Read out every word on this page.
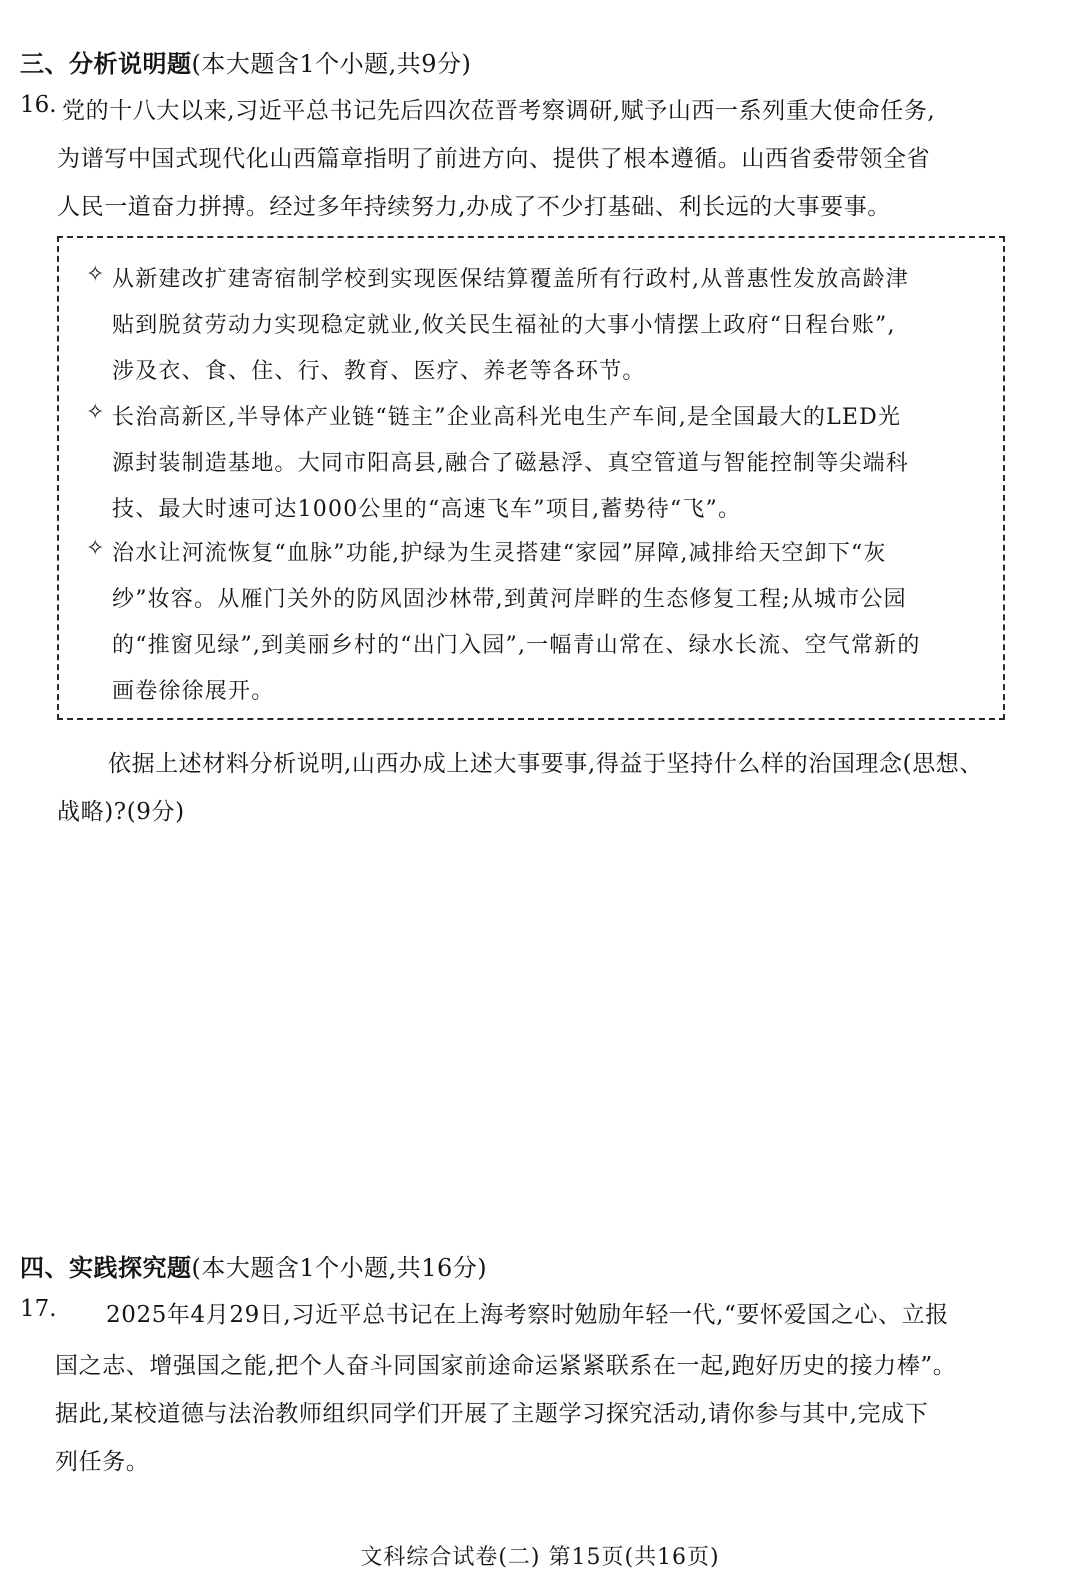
三、分析说明题(本大题含1个小题,共9分)
16. 党的十八大以来,习近平总书记先后四次莅晋考察调研,赋予山西一系列重大使命任务,
为谱写中国式现代化山西篇章指明了前进方向、提供了根本遵循。山西省委带领全省
人民一道奋力拼搏。经过多年持续努力,办成了不少打基础、利长远的大事要事。
✧ 从新建改扩建寄宿制学校到实现医保结算覆盖所有行政村,从普惠性发放高龄津
贴到脱贫劳动力实现稳定就业,攸关民生福祉的大事小情摆上政府“日程台账”,
涉及衣、食、住、行、教育、医疗、养老等各环节。
✧ 长治高新区,半导体产业链“链主”企业高科光电生产车间,是全国最大的LED光
源封装制造基地。大同市阳高县,融合了磁悬浮、真空管道与智能控制等尖端科
技、最大时速可达1000公里的“高速飞车”项目,蓄势待“飞”。
✧ 治水让河流恢复“血脉”功能,护绿为生灵搭建“家园”屏障,减排给天空卸下“灰
纱”妆容。从雁门关外的防风固沙林带,到黄河岸畔的生态修复工程;从城市公园
的“推窗见绿”,到美丽乡村的“出门入园”,一幅青山常在、绿水长流、空气常新的
画卷徐徐展开。
依据上述材料分析说明,山西办成上述大事要事,得益于坚持什么样的治国理念(思想、
战略)?(9分)
四、实践探究题(本大题含1个小题,共16分)
17. 2025年4月29日,习近平总书记在上海考察时勉励年轻一代,“要怀爱国之心、立报
国之志、增强国之能,把个人奋斗同国家前途命运紧紧联系在一起,跑好历史的接力棒”。
据此,某校道德与法治教师组织同学们开展了主题学习探究活动,请你参与其中,完成下
列任务。
文科综合试卷(二) 第15页(共16页)
